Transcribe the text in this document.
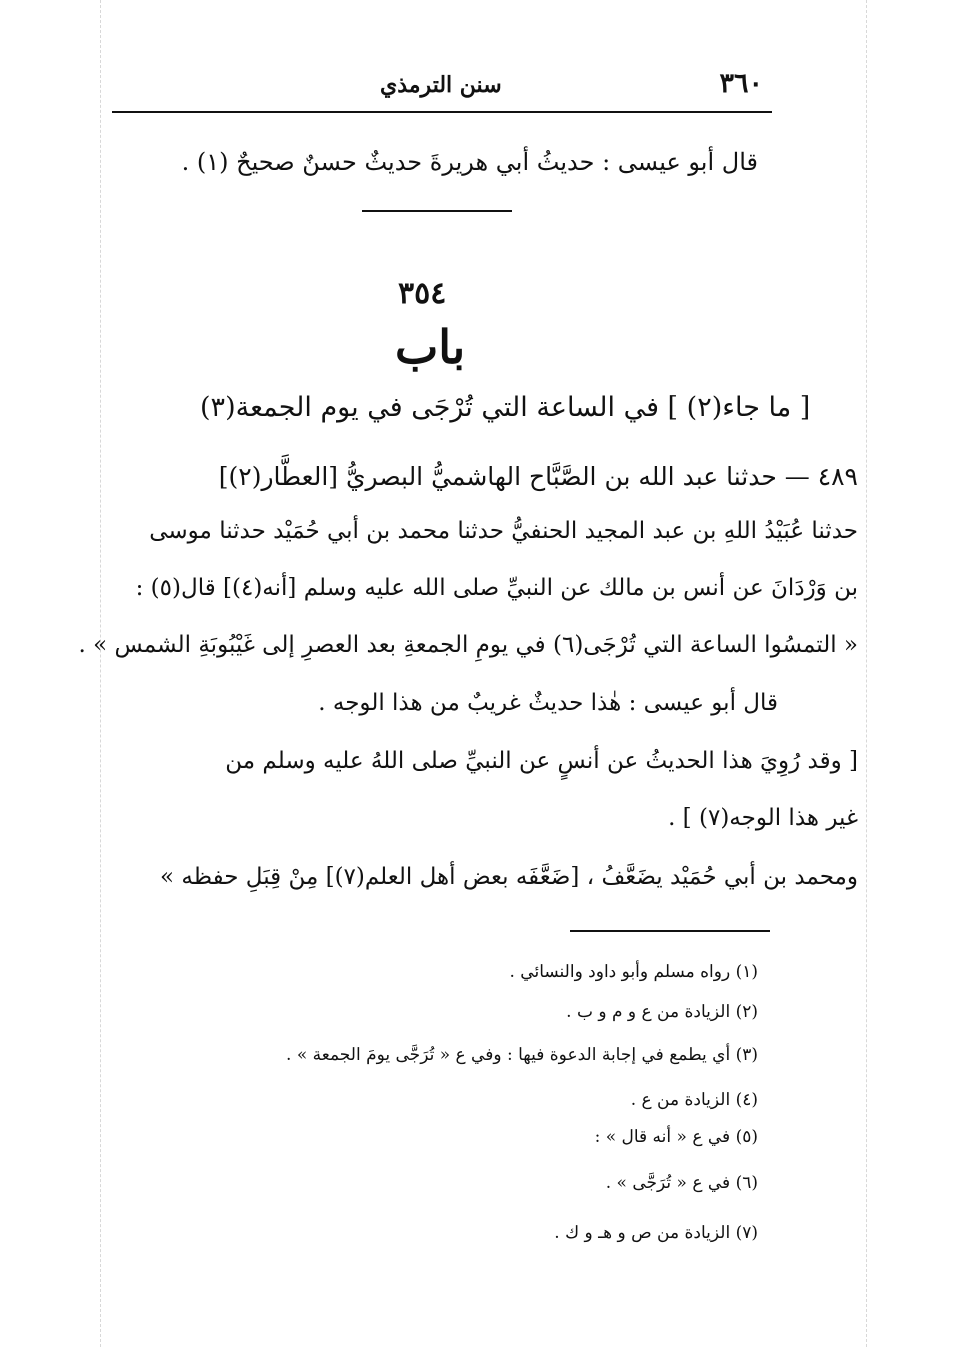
٣٦٠
سنن الترمذي
قال أبو عيسى : حديثُ أبي هريرةَ حديثٌ حسنٌ صحيحٌ (١) .
٣٥٤
باب
[ ما جاء(٢) ] في الساعة التي تُرْجَى في يوم الجمعة(٣)
٤٨٩ — حدثنا عبد الله بن الصَّبَّاح الهاشميُّ البصريُّ [العطَّار(٢)]
حدثنا عُبَيْدُ اللهِ بن عبد المجيد الحنفيُّ حدثنا محمد بن أبي حُمَيْد حدثنا موسى
بن وَرْدَانَ عن أنس بن مالك عن النبيِّ صلى الله عليه وسلم [أنه(٤)] قال(٥) :
« التمسُوا الساعة التي تُرْجَى(٦) في يومِ الجمعةِ بعد العصرِ إلى غَيْبُوبَةِ الشمس » .
قال أبو عيسى : هٰذا حديثٌ غريبٌ من هذا الوجه .
[ وقد رُوِيَ هذا الحديثُ عن أنسٍ عن النبيِّ صلى اللهُ عليه وسلم من
غير هذا الوجه(٧) ] .
ومحمد بن أبي حُمَيْد يضَعَّفُ ، [ضَعَّفَه بعض أهل العلم(٧)] مِنْ قِبَلِ حفظه »
(١) رواه مسلم وأبو داود والنسائي .
(٢) الزيادة من ع و م و ب .
(٣) أي يطمع في إجابة الدعوة فيها : وفي ع « تُرَجَّى يومَ الجمعة » .
(٤) الزيادة من ع .
(٥) في ع « أنه قال » :
(٦) في ع « تُرَجَّى » .
(٧) الزيادة من ص و هـ و ك .
